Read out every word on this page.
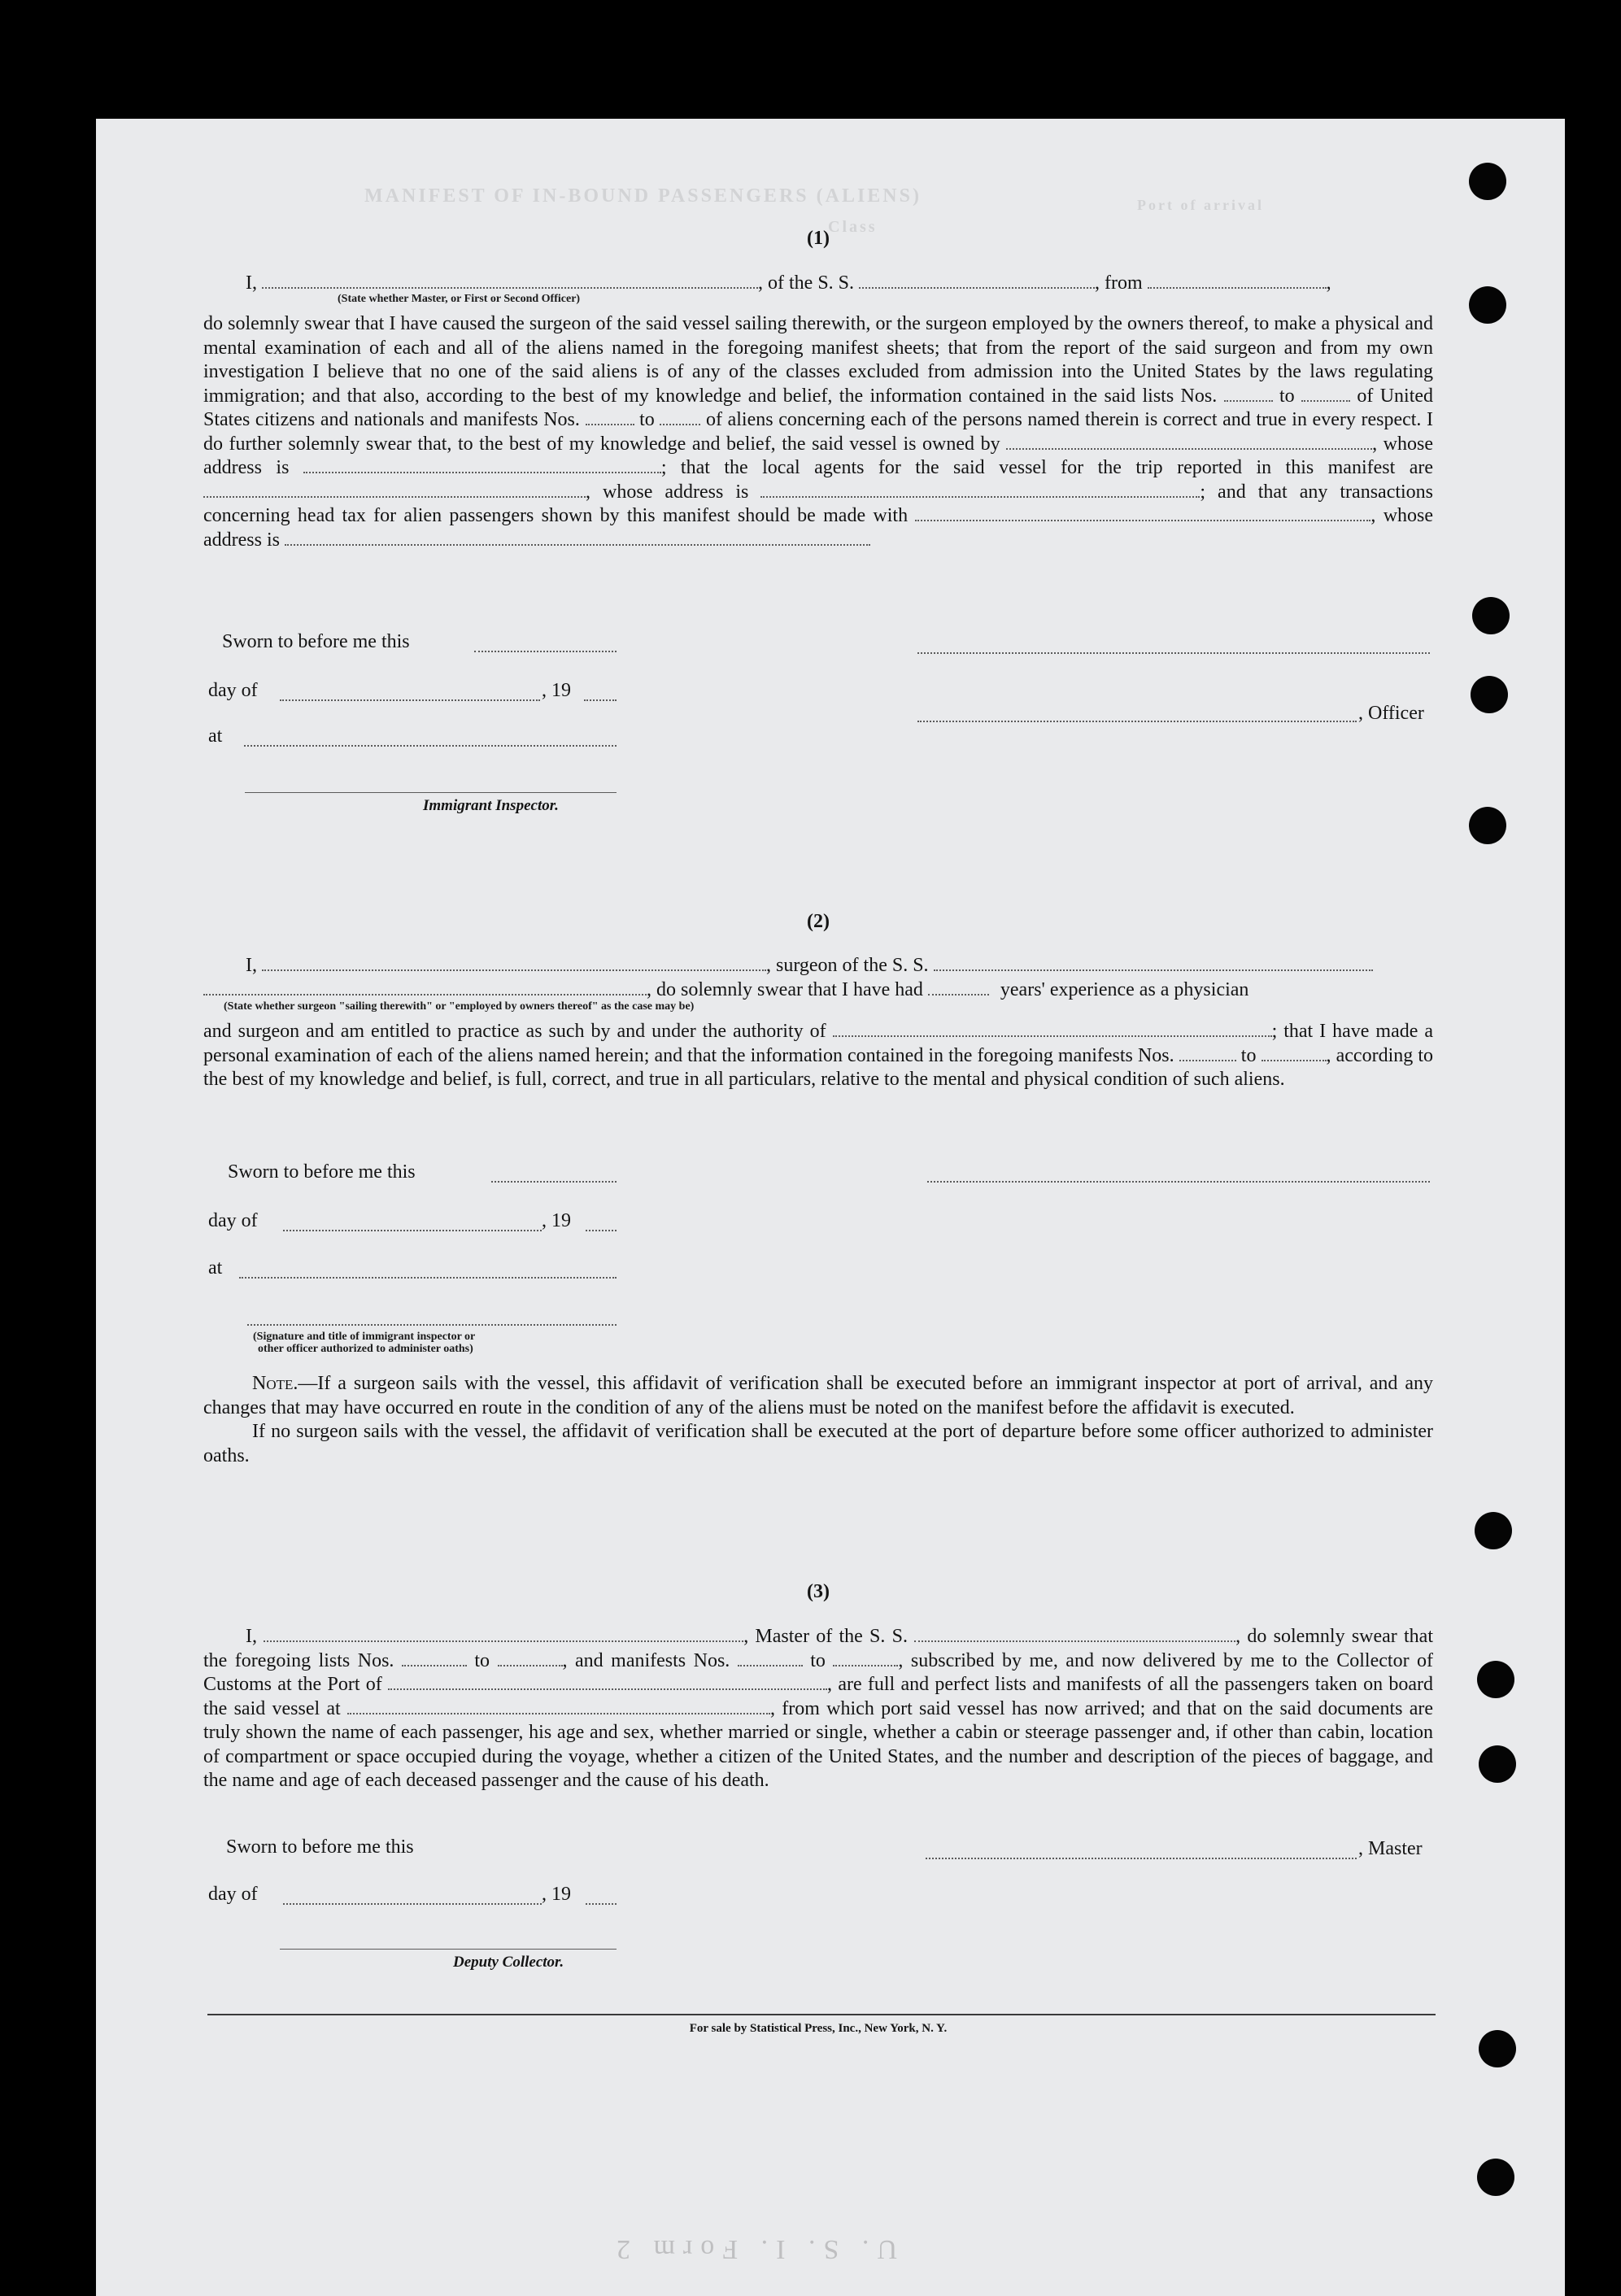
MANIFEST OF IN-BOUND PASSENGERS (ALIENS)
Class
Port of arrival
U. S. I. Form 2
(1)
I,	, of the S. S.	, from	,
(State whether Master, or First or Second Officer)
do solemnly swear that I have caused the surgeon of the said vessel sailing therewith, or the surgeon employed by the owners thereof, to make a physical and mental examination of each and all of the aliens named in the foregoing manifest sheets; that from the report of the said surgeon and from my own investigation I believe that no one of the said aliens is of any of the classes excluded from admission into the United States by the laws regulating immigration; and that also, according to the best of my knowledge and belief, the information contained in the said lists Nos.	to	of United States citizens and nationals and manifests Nos.	to	of aliens concerning each of the persons named therein is correct and true in every respect. I do further solemnly swear that, to the best of my knowledge and belief, the said vessel is owned by	, whose address is	; that the local agents for the said vessel for the trip reported in this manifest are , whose address is	; and that any transactions concerning head tax for alien passengers shown by this manifest should be made with	, whose address is
Sworn to before me this
day of	, 19
, Officer
at
Immigrant Inspector.
(2)
I,	, surgeon of the S. S.
, do solemnly swear that I have had	years' experience as a physician
(State whether surgeon "sailing therewith" or "employed by owners thereof" as the case may be)
and surgeon and am entitled to practice as such by and under the authority of	; that I have made a personal examination of each of the aliens named herein; and that the information contained in the foregoing manifests Nos.	to	, according to the best of my knowledge and belief, is full, correct, and true in all particulars, relative to the mental and physical condition of such aliens.
Sworn to before me this
day of	, 19
at
(Signature and title of immigrant inspector or
other officer authorized to administer oaths)
Note.—If a surgeon sails with the vessel, this affidavit of verification shall be executed before an immigrant inspector at port of arrival, and any changes that may have occurred en route in the condition of any of the aliens must be noted on the manifest before the affidavit is executed.
If no surgeon sails with the vessel, the affidavit of verification shall be executed at the port of departure before some officer authorized to administer oaths.
(3)
I,	, Master of the S. S.	, do solemnly swear that the foregoing lists Nos.	to	, and manifests Nos.	to	, subscribed by me, and now delivered by me to the Collector of Customs at the Port of	, are full and perfect lists and manifests of all the passengers taken on board the said vessel at	, from which port said vessel has now arrived; and that on the said documents are truly shown the name of each passenger, his age and sex, whether married or single, whether a cabin or steerage passenger and, if other than cabin, location of compartment or space occupied during the voyage, whether a citizen of the United States, and the number and description of the pieces of baggage, and the name and age of each deceased passenger and the cause of his death.
Sworn to before me this	, Master
day of	, 19
Deputy Collector.
For sale by Statistical Press, Inc., New York, N. Y.
